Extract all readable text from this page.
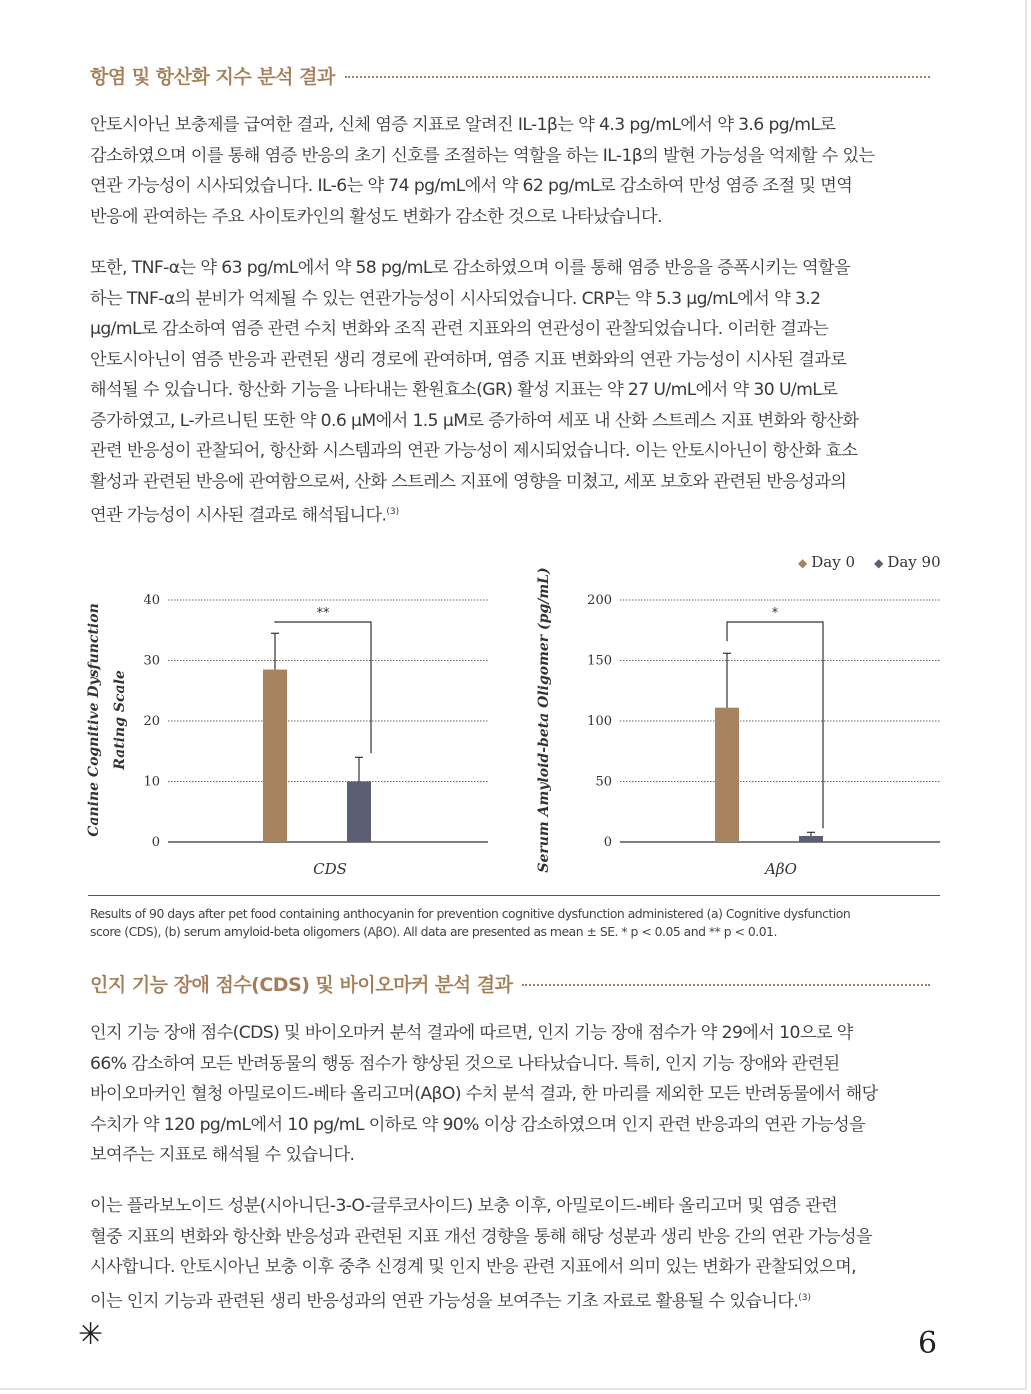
항염 및 항산화 지수 분석 결과
안토시아닌 보충제를 급여한 결과, 신체 염증 지표로 알려진 IL-1β는 약 4.3 pg/mL에서 약 3.6 pg/mL로
감소하였으며 이를 통해 염증 반응의 초기 신호를 조절하는 역할을 하는 IL-1β의 발현 가능성을 억제할 수 있는
연관 가능성이 시사되었습니다. IL-6는 약 74 pg/mL에서 약 62 pg/mL로 감소하여 만성 염증 조절 및 면역
반응에 관여하는 주요 사이토카인의 활성도 변화가 감소한 것으로 나타났습니다.
또한, TNF-α는 약 63 pg/mL에서 약 58 pg/mL로 감소하였으며 이를 통해 염증 반응을 증폭시키는 역할을
하는 TNF-α의 분비가 억제될 수 있는 연관가능성이 시사되었습니다. CRP는 약 5.3 μg/mL에서 약 3.2
μg/mL로 감소하여 염증 관련 수치 변화와 조직 관련 지표와의 연관성이 관찰되었습니다. 이러한 결과는
안토시아닌이 염증 반응과 관련된 생리 경로에 관여하며, 염증 지표 변화와의 연관 가능성이 시사된 결과로
해석될 수 있습니다. 항산화 기능을 나타내는 환원효소(GR) 활성 지표는 약 27 U/mL에서 약 30 U/mL로
증가하였고, L-카르니틴 또한 약 0.6 μM에서 1.5 μM로 증가하여 세포 내 산화 스트레스 지표 변화와 항산화
관련 반응성이 관찰되어, 항산화 시스템과의 연관 가능성이 제시되었습니다. 이는 안토시아닌이 항산화 효소
활성과 관련된 반응에 관여함으로써, 산화 스트레스 지표에 영향을 미쳤고, 세포 보호와 관련된 반응성과의
연관 가능성이 시사된 결과로 해석됩니다.$^{(3)}$
◆ Day 0 ◆ Day 90
0
10
20
30
40
**
CDS
Canine Cognitive Dysfunction Rating Scale
0
50
100
150
200
*
AβO
Serum Amyloid-beta Oligomer (pg/mL)
Results of 90 days after pet food containing anthocyanin for prevention cognitive dysfunction administered (a) Cognitive dysfunction
score (CDS), (b) serum amyloid-beta oligomers (AβO). All data are presented as mean ± SE. * p < 0.05 and ** p < 0.01.
인지 기능 장애 점수(CDS) 및 바이오마커 분석 결과
인지 기능 장애 점수(CDS) 및 바이오마커 분석 결과에 따르면, 인지 기능 장애 점수가 약 29에서 10으로 약
66% 감소하여 모든 반려동물의 행동 점수가 향상된 것으로 나타났습니다. 특히, 인지 기능 장애와 관련된
바이오마커인 혈청 아밀로이드-베타 올리고머(AβO) 수치 분석 결과, 한 마리를 제외한 모든 반려동물에서 해당
수치가 약 120 pg/mL에서 10 pg/mL 이하로 약 90% 이상 감소하였으며 인지 관련 반응과의 연관 가능성을
보여주는 지표로 해석될 수 있습니다.
이는 플라보노이드 성분(시아니딘-3-O-글루코사이드) 보충 이후, 아밀로이드-베타 올리고머 및 염증 관련
혈중 지표의 변화와 항산화 반응성과 관련된 지표 개선 경향을 통해 해당 성분과 생리 반응 간의 연관 가능성을
시사합니다. 안토시아닌 보충 이후 중추 신경계 및 인지 반응 관련 지표에서 의미 있는 변화가 관찰되었으며,
이는 인지 기능과 관련된 생리 반응성과의 연관 가능성을 보여주는 기초 자료로 활용될 수 있습니다.$^{(3)}$
✳	6
